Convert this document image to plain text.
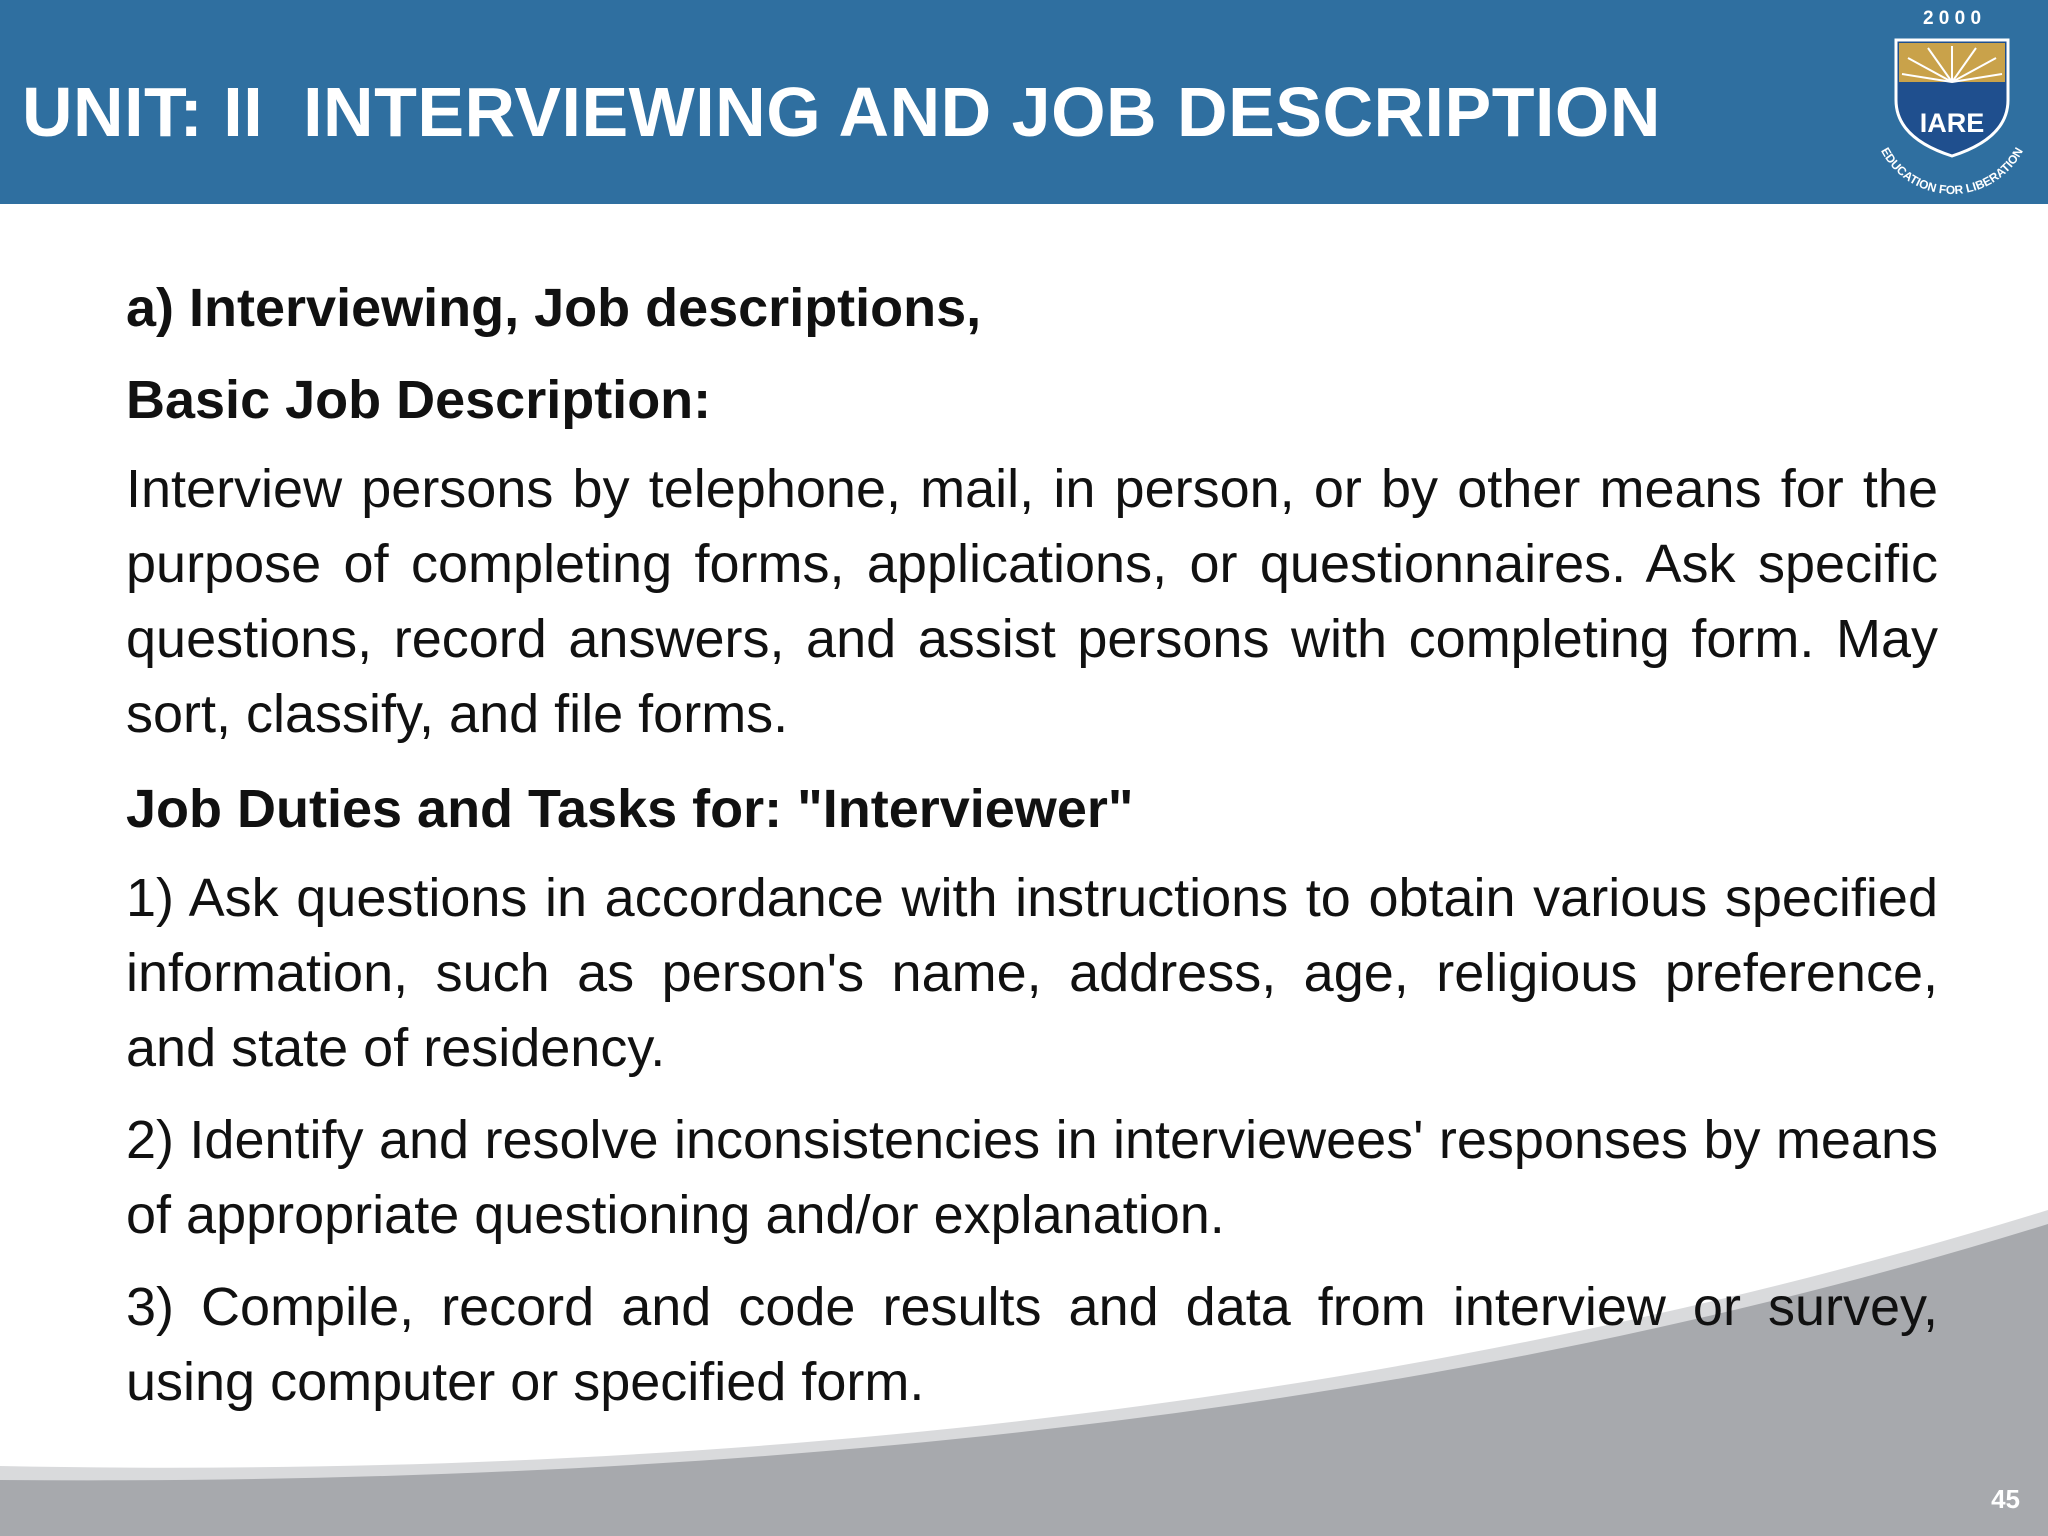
UNIT: II  INTERVIEWING AND JOB DESCRIPTION
2 0 0 0
IARE
EDUCATION FOR LIBERATION

a) Interviewing, Job descriptions,

Basic Job Description:

Interview persons by telephone, mail, in person, or by other means for the purpose of completing forms, applications, or questionnaires. Ask specific questions, record answers, and assist persons with completing form. May sort, classify, and file forms.

Job Duties and Tasks for: "Interviewer"

1) Ask questions in accordance with instructions to obtain various specified information, such as person's name, address, age, religious preference, and state of residency.

2) Identify and resolve inconsistencies in interviewees' responses by means of appropriate questioning and/or explanation.

3) Compile, record and code results and data from interview or survey, using computer or specified form.

45
